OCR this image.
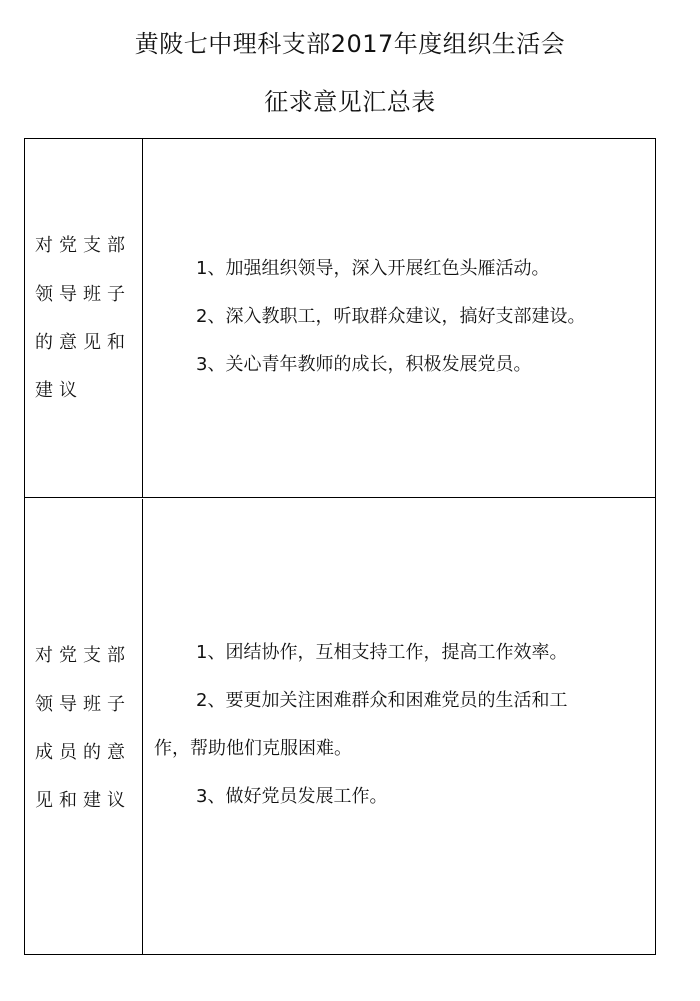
黄陂七中理科支部2017年度组织生活会
征求意见汇总表
对党支部
领导班子
的意见和
建议
1、加强组织领导，深入开展红色头雁活动。
2、深入教职工，听取群众建议，搞好支部建设。
3、关心青年教师的成长，积极发展党员。
对党支部
领导班子
成员的意
见和建议
1、团结协作，互相支持工作，提高工作效率。
2、要更加关注困难群众和困难党员的生活和工
作，帮助他们克服困难。
3、做好党员发展工作。
